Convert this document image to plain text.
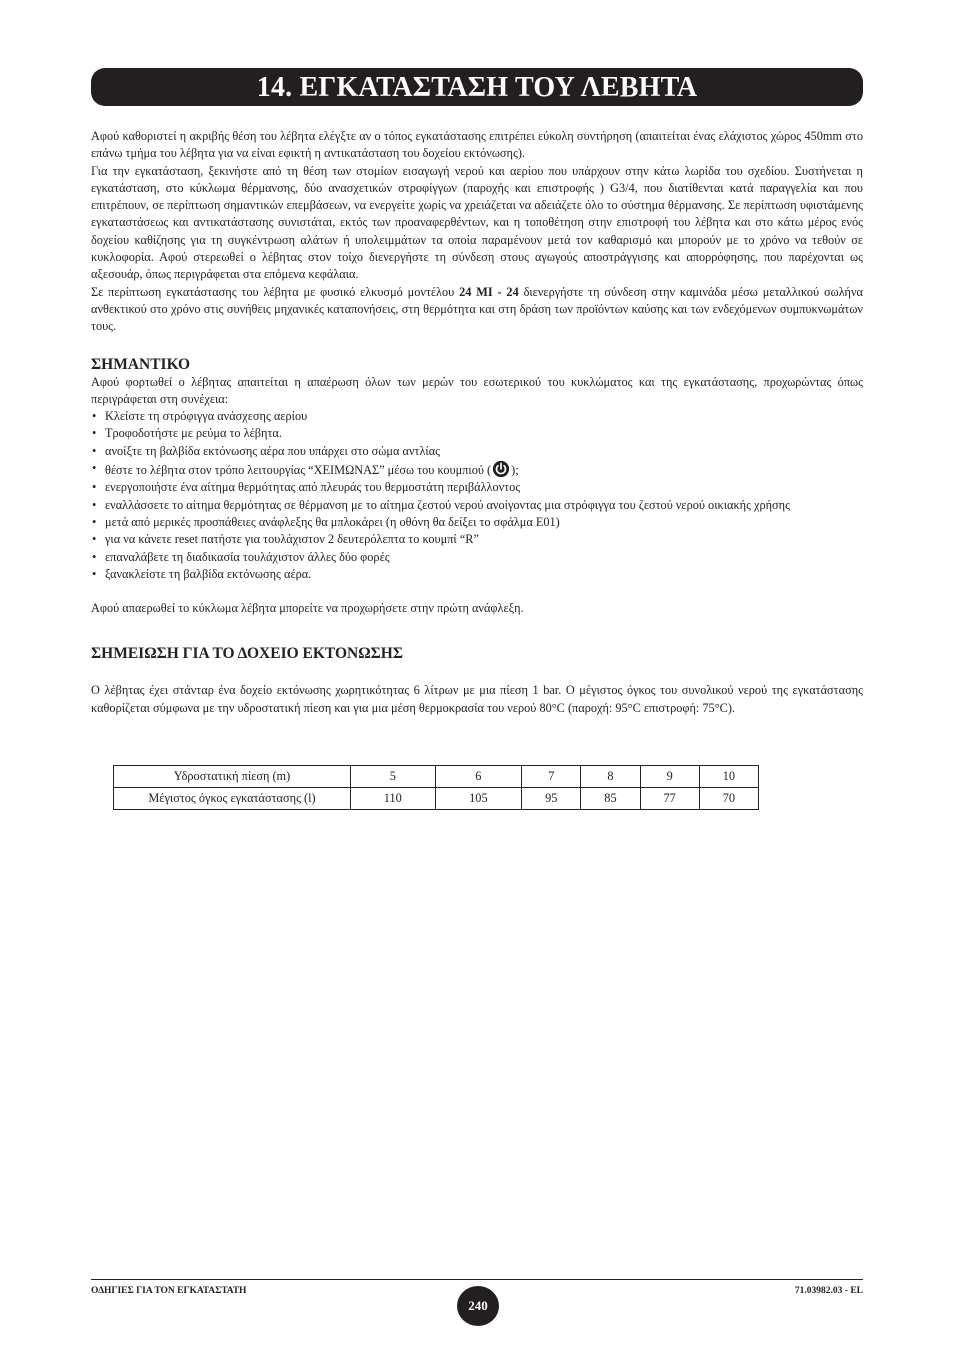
14. ΕΓΚΑΤΑΣΤΑΣΗ ΤΟΥ ΛΕΒΗΤΑ

Αφού καθοριστεί η ακριβής θέση του λέβητα ελέγξτε αν ο τόπος εγκατάστασης επιτρέπει εύκολη συντήρηση (απαιτείται ένας ελάχιστος χώρος 450mm στο επάνω τμήμα του λέβητα για να είναι εφικτή η αντικατάσταση του δοχείου εκτόνωσης).

Για την εγκατάσταση, ξεκινήστε από τη θέση των στομίων εισαγωγή νερού και αερίου που υπάρχουν στην κάτω λωρίδα του σχεδίου. Συστήνεται η εγκατάσταση, στο κύκλωμα θέρμανσης, δύο ανασχετικών στροφίγγων (παροχής και επιστροφής ) G3/4, που διατίθενται κατά παραγγελία και που επιτρέπουν, σε περίπτωση σημαντικών επεμβάσεων, να ενεργείτε χωρίς να χρειάζεται να αδειάζετε όλο το σύστημα θέρμανσης. Σε περίπτωση υφιστάμενης εγκαταστάσεως και αντικατάστασης συνιστάται, εκτός των προαναφερθέντων, και η τοποθέτηση στην επιστροφή του λέβητα και στο κάτω μέρος ενός δοχείου καθίζησης για τη συγκέντρωση αλάτων ή υπολειμμάτων τα οποία παραμένουν μετά τον καθαρισμό και μπορούν με το χρόνο να τεθούν σε κυκλοφορία. Αφού στερεωθεί ο λέβητας στον τοίχο διενεργήστε τη σύνδεση στους αγωγούς αποστράγγισης και απορρόφησης, που παρέχονται ως αξεσουάρ, όπως περιγράφεται στα επόμενα κεφάλαια.

Σε περίπτωση εγκατάστασης του λέβητα με φυσικό ελκυσμό μοντέλου 24 MI - 24 διενεργήστε τη σύνδεση στην καμινάδα μέσω μεταλλικού σωλήνα ανθεκτικού στο χρόνο στις συνήθεις μηχανικές καταπονήσεις, στη θερμότητα και στη δράση των προϊόντων καύσης και των ενδεχόμενων συμπυκνωμάτων τους.

ΣΗΜΑΝΤΙΚΟ

Αφού φορτωθεί ο λέβητας απαιτείται η απαέρωση όλων των μερών του εσωτερικού του κυκλώματος και της εγκατάστασης, προχωρώντας όπως περιγράφεται στη συνέχεια:

• Κλείστε τη στρόφιγγα ανάσχεσης αερίου
• Τροφοδοτήστε με ρεύμα το λέβητα.
• ανοίξτε τη βαλβίδα εκτόνωσης αέρα που υπάρχει στο σώμα αντλίας
• θέστε το λέβητα στον τρόπο λειτουργίας “ΧΕΙΜΩΝΑΣ” μέσω του κουμπιού ( );
• ενεργοποιήστε ένα αίτημα θερμότητας από πλευράς του θερμοστάτη περιβάλλοντος
• εναλλάσσετε το αίτημα θερμότητας σε θέρμανση με το αίτημα ζεστού νερού ανοίγοντας μια στρόφιγγα του ζεστού νερού οικιακής χρήσης
• μετά από μερικές προσπάθειες ανάφλεξης θα μπλοκάρει (η οθόνη θα δείξει το σφάλμα E01)
• για να κάνετε reset πατήστε για τουλάχιστον 2 δευτερόλεπτα το κουμπί “R”
• επαναλάβετε τη διαδικασία τουλάχιστον άλλες δύο φορές
• ξανακλείστε τη βαλβίδα εκτόνωσης αέρα.

Αφού απαερωθεί το κύκλωμα λέβητα μπορείτε να προχωρήσετε στην πρώτη ανάφλεξη.

ΣΗΜΕΙΩΣΗ ΓΙΑ ΤΟ ΔΟΧΕΙΟ ΕΚΤΟΝΩΣΗΣ

Ο λέβητας έχει στάνταρ ένα δοχείο εκτόνωσης χωρητικότητας 6 λίτρων με μια πίεση 1 bar. Ο μέγιστος όγκος του συνολικού νερού της εγκατάστασης καθορίζεται σύμφωνα με την υδροστατική πίεση και για μια μέση θερμοκρασία του νερού 80°C (παροχή: 95°C επιστροφή: 75°C).

Υδροστατική πίεση (m)	5	6	7	8	9	10
Μέγιστος όγκος εγκατάστασης (l)	110	105	95	85	77	70
ΟΔΗΓΙΕΣ ΓΙΑ ΤΟΝ ΕΓΚΑΤΑΣΤΑΤΗ
240
71.03982.03 - EL
